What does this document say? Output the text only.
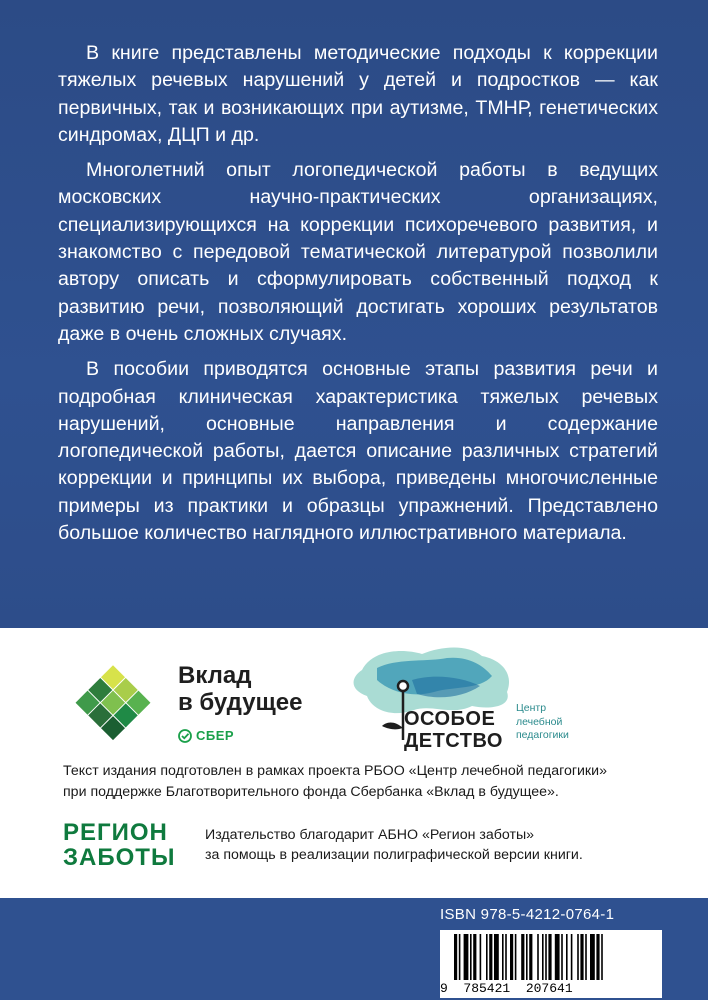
В книге представлены методические подходы к коррекции тяжелых речевых нарушений у детей и подростков — как первичных, так и возникающих при аутизме, ТМНР, генетических синдромах, ДЦП и др.

Многолетний опыт логопедической работы в ведущих московских научно-практических организациях, специализирующихся на коррекции психоречевого развития, и знакомство с передовой тематической литературой позволили автору описать и сформулировать собственный подход к развитию речи, позволяющий достигать хороших результатов даже в очень сложных случаях.

В пособии приводятся основные этапы развития речи и подробная клиническая характеристика тяжелых речевых нарушений, основные направления и содержание логопедической работы, дается описание различных стратегий коррекции и принципы их выбора, приведены многочисленные примеры из практики и образцы упражнений. Представлено большое количество наглядного иллюстративного материала.

Вклад
в будущее
СБЕР
ОСОБОЕ
ДЕТСТВО
Центр
лечебной
педагогики
Текст издания подготовлен в рамках проекта РБОО «Центр лечебной педагогики»
при поддержке Благотворительного фонда Сбербанка «Вклад в будущее».
РЕГИОН
ЗАБОТЫ
Издательство благодарит АБНО «Регион заботы»
за помощь в реализации полиграфической версии книги.
ISBN 978-5-4212-0764-1
9  785421  207641
